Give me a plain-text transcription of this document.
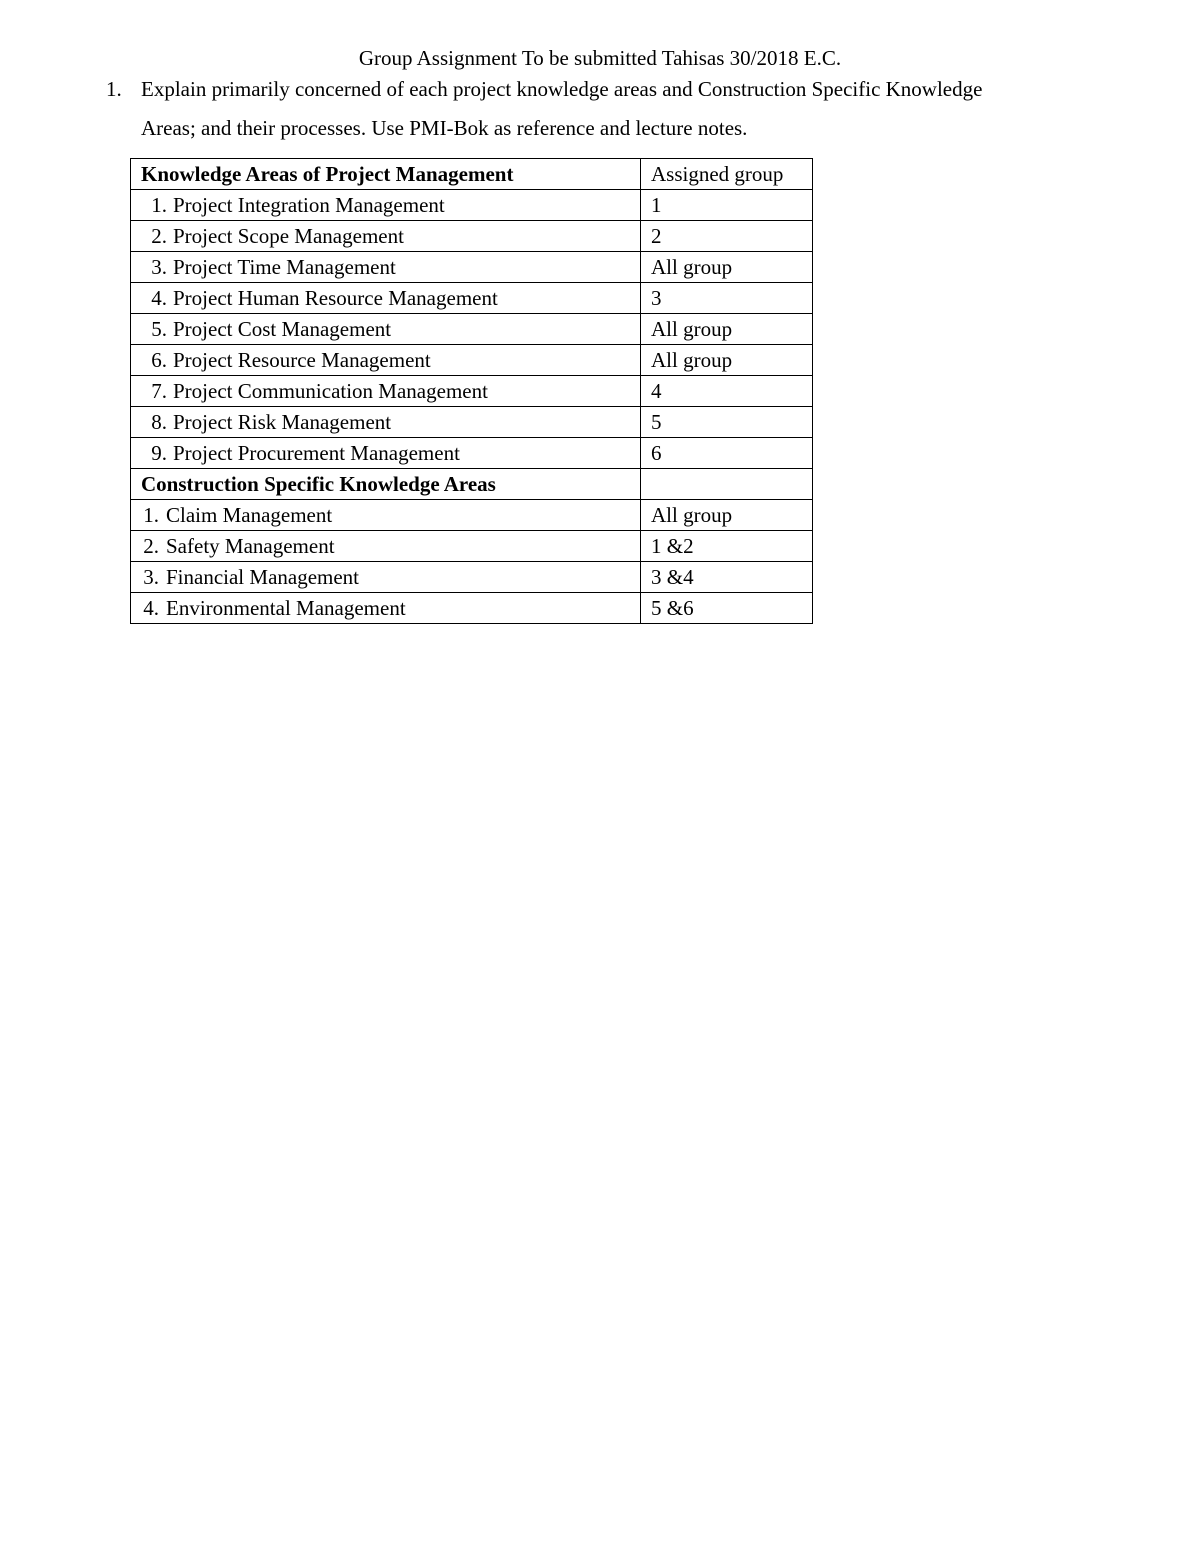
Group Assignment To be submitted Tahisas 30/2018 E.C.
1. Explain primarily concerned of each project knowledge areas and Construction Specific Knowledge
Areas; and their processes. Use PMI-Bok as reference and lecture notes.
Knowledge Areas of Project Management	Assigned group
1. Project Integration Management	1
2. Project Scope Management	2
3. Project Time Management	All group
4. Project Human Resource Management	3
5. Project Cost Management	All group
6. Project Resource Management	All group
7. Project Communication Management	4
8. Project Risk Management	5
9. Project Procurement Management	6
Construction Specific Knowledge Areas	
1. Claim Management	All group
2. Safety Management	1 &2
3. Financial Management	3 &4
4. Environmental Management	5 &6
